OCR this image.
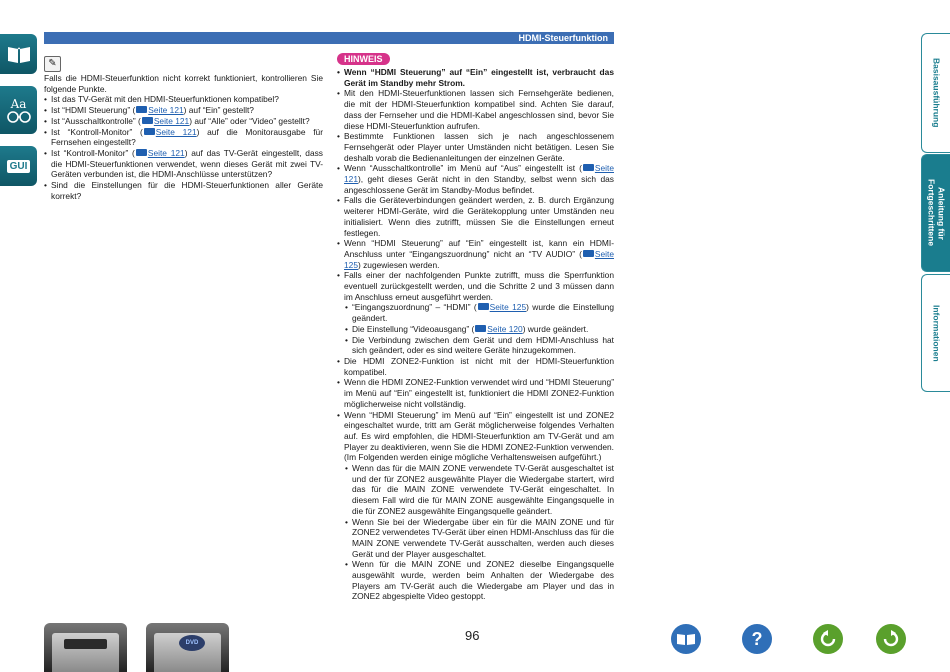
Aa
GUI
HDMI-Steuerfunktion
✎

Falls die HDMI-Steuerfunktion nicht korrekt funktioniert, kontrollieren Sie folgende Punkte.

• Ist das TV-Gerät mit den HDMI-Steuerfunktionen kompatibel?

• Ist “HDMI Steuerung” ( Seite 121) auf “Ein” gestellt?

• Ist “Ausschaltkontrolle” ( Seite 121) auf “Alle” oder “Video” gestellt?

• Ist “Kontroll-Monitor” ( Seite 121) auf die Monitorausgabe für Fernsehen eingestellt?

• Ist “Kontroll-Monitor” ( Seite 121) auf das TV-Gerät eingestellt, dass die HDMI-Steuerfunktionen verwendet, wenn dieses Gerät mit zwei TV-Geräten verbunden ist, die HDMI-Anschlüsse unterstützen?

• Sind die Einstellungen für die HDMI-Steuerfunktionen aller Geräte korrekt?

HINWEIS

• Wenn “HDMI Steuerung” auf “Ein” eingestellt ist, verbraucht das Gerät im Standby mehr Strom.

• Mit den HDMI-Steuerfunktionen lassen sich Fernsehgeräte bedienen, die mit der HDMI-Steuerfunktion kompatibel sind. Achten Sie darauf, dass der Fernseher und die HDMI-Kabel angeschlossen sind, bevor Sie diese HDMI-Steuerfunktion aufrufen.

• Bestimmte Funktionen lassen sich je nach angeschlossenem Fernsehgerät oder Player unter Umständen nicht betätigen. Lesen Sie deshalb vorab die Bedienanleitungen der einzelnen Geräte.

• Wenn “Ausschaltkontrolle” im Menü auf “Aus” eingestellt ist ( Seite 121), geht dieses Gerät nicht in den Standby, selbst wenn sich das angeschlossene Gerät im Standby-Modus befindet.

• Falls die Geräteverbindungen geändert werden, z. B. durch Ergänzung weiterer HDMI-Geräte, wird die Gerätekopplung unter Umständen neu initialisiert. Wenn dies zutrifft, müssen Sie die Einstellungen erneut festlegen.

• Wenn “HDMI Steuerung” auf “Ein” eingestellt ist, kann ein HDMI-Anschluss unter “Eingangszuordnung” nicht an “TV AUDIO” ( Seite 125) zugewiesen werden.

• Falls einer der nachfolgenden Punkte zutrifft, muss die Sperrfunktion eventuell zurückgestellt werden, und die Schritte 2 und 3 müssen dann im Anschluss erneut ausgeführt werden.

• “Eingangszuordnung” – “HDMI” ( Seite 125) wurde die Einstellung geändert.

• Die Einstellung “Videoausgang” ( Seite 120) wurde geändert.

• Die Verbindung zwischen dem Gerät und dem HDMI-Anschluss hat sich geändert, oder es sind weitere Geräte hinzugekommen.

• Die HDMI ZONE2-Funktion ist nicht mit der HDMI-Steuerfunktion kompatibel.

• Wenn die HDMI ZONE2-Funktion verwendet wird und “HDMI Steuerung” im Menü auf “Ein” eingestellt ist, funktioniert die HDMI ZONE2-Funktion möglicherweise nicht vollständig.

• Wenn “HDMI Steuerung” im Menü auf “Ein” eingestellt ist und ZONE2 eingeschaltet wurde, tritt am Gerät möglicherweise folgendes Verhalten auf. Es wird empfohlen, die HDMI-Steuerfunktion am TV-Gerät und am Player zu deaktivieren, wenn Sie die HDMI ZONE2-Funktion verwenden. (Im Folgenden werden einige mögliche Verhaltensweisen aufgeführt.)

• Wenn das für die MAIN ZONE verwendete TV-Gerät ausgeschaltet ist und der für ZONE2 ausgewählte Player die Wiedergabe startert, wird das für die MAIN ZONE verwendete TV-Gerät eingeschaltet. In diesem Fall wird die für MAIN ZONE ausgewählte Eingangsquelle in die für ZONE2 ausgewählte Eingangsquelle geändert.

• Wenn Sie bei der Wiedergabe über ein für die MAIN ZONE und für ZONE2 verwendetes TV-Gerät über einen HDMI-Anschluss das für die MAIN ZONE verwendete TV-Gerät ausschalten, werden auch dieses Gerät und der Player ausgeschaltet.

• Wenn für die MAIN ZONE und ZONE2 dieselbe Eingangsquelle ausgewählt wurde, werden beim Anhalten der Wiedergabe des Players am TV-Gerät auch die Wiedergabe am Player und das in ZONE2 abgespielte Video gestoppt.

Basisausführung
Anleitung für Fortgeschrittene
Informationen
DVD	96	?
